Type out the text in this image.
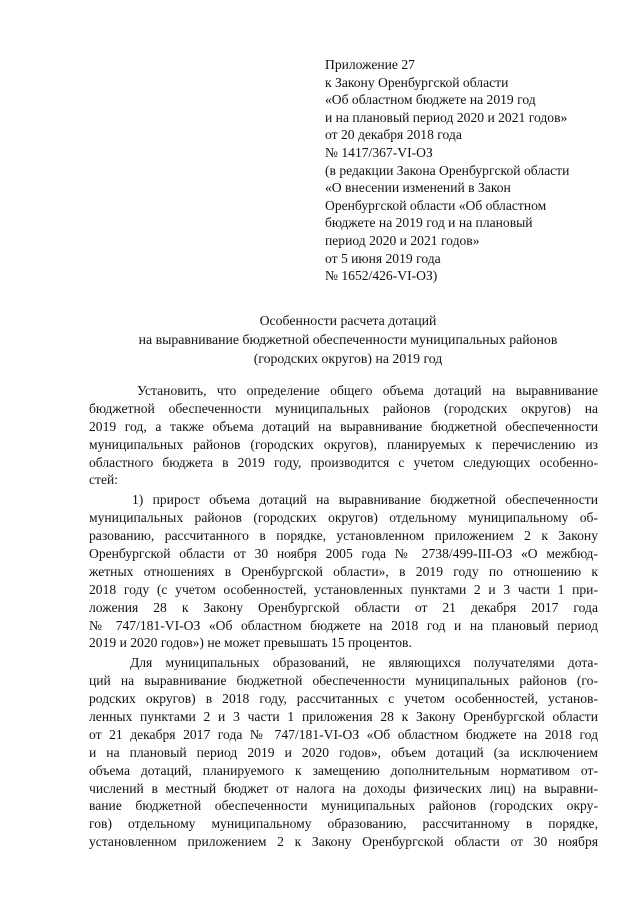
Приложение 27
к Закону Оренбургской области
«Об областном бюджете на 2019 год
и на плановый период 2020 и 2021 годов»
от 20 декабря 2018 года
№ 1417/367-VI-ОЗ
(в редакции Закона Оренбургской области
«О внесении изменений в Закон
Оренбургской области «Об областном
бюджете на 2019 год и на плановый
период 2020 и 2021 годов»
от 5 июня 2019 года
№ 1652/426-VI-ОЗ)
Особенности расчета дотаций
на выравнивание бюджетной обеспеченности муниципальных районов
(городских округов) на 2019 год
Установить, что определение общего объема дотаций на выравнивание
бюджетной обеспеченности муниципальных районов (городских округов) на
2019 год, а также объема дотаций на выравнивание бюджетной обеспеченности
муниципальных районов (городских округов), планируемых к перечислению из
областного бюджета в 2019 году, производится с учетом следующих особенно-
стей:
1) прирост объема дотаций на выравнивание бюджетной обеспеченности
муниципальных районов (городских округов) отдельному муниципальному об-
разованию, рассчитанного в порядке, установленном приложением 2 к Закону
Оренбургской области от 30 ноября 2005 года № 2738/499-III-ОЗ «О межбюд-
жетных отношениях в Оренбургской области», в 2019 году по отношению к
2018 году (с учетом особенностей, установленных пунктами 2 и 3 части 1 при-
ложения 28 к Закону Оренбургской области от 21 декабря 2017 года
№ 747/181-VI-ОЗ «Об областном бюджете на 2018 год и на плановый период
2019 и 2020 годов») не может превышать 15 процентов.
Для муниципальных образований, не являющихся получателями дота-
ций на выравнивание бюджетной обеспеченности муниципальных районов (го-
родских округов) в 2018 году, рассчитанных с учетом особенностей, установ-
ленных пунктами 2 и 3 части 1 приложения 28 к Закону Оренбургской области
от 21 декабря 2017 года № 747/181-VI-ОЗ «Об областном бюджете на 2018 год
и на плановый период 2019 и 2020 годов», объем дотаций (за исключением
объема дотаций, планируемого к замещению дополнительным нормативом от-
числений в местный бюджет от налога на доходы физических лиц) на выравни-
вание бюджетной обеспеченности муниципальных районов (городских окру-
гов) отдельному муниципальному образованию, рассчитанному в порядке,
установленном приложением 2 к Закону Оренбургской области от 30 ноября
